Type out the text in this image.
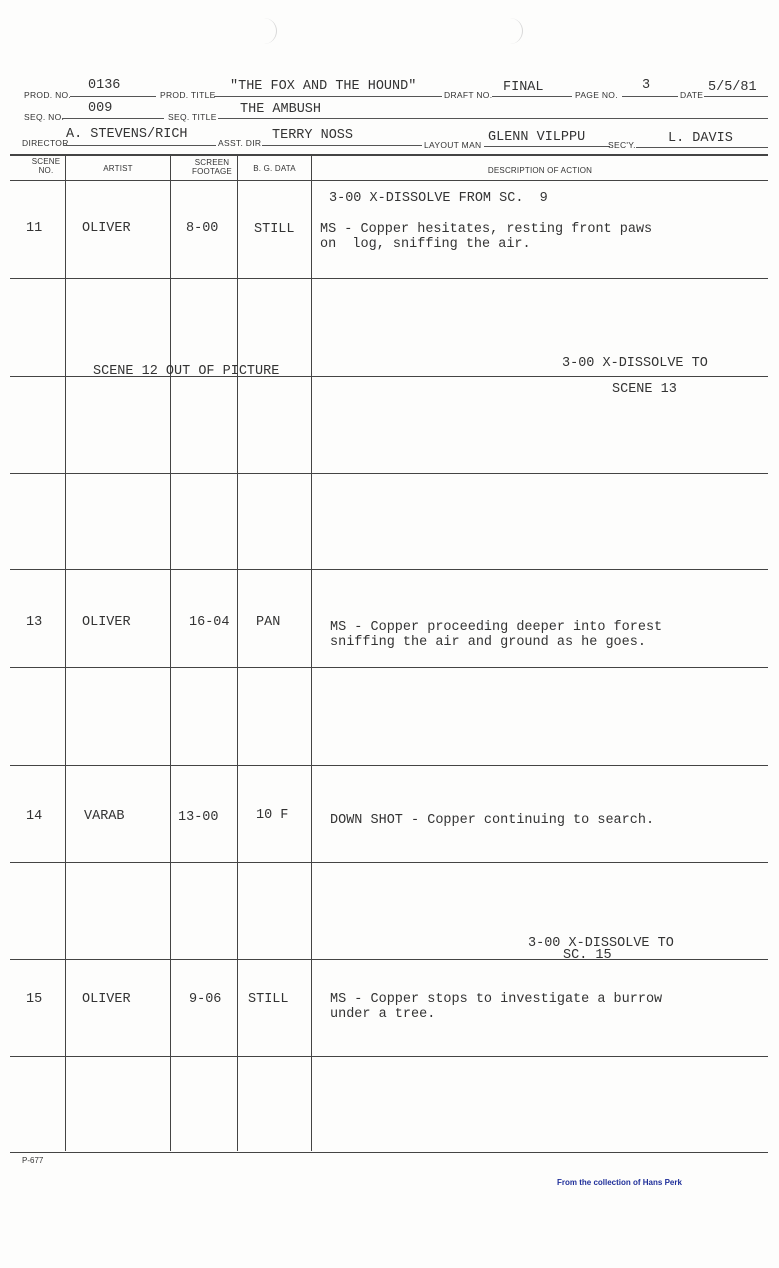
PROD. NO.
0136
PROD. TITLE
"THE FOX AND THE HOUND"
DRAFT NO. FINAL	PAGE NO.
3
DATE 5/5/81
SEQ. NO.
009
SEQ. TITLE THE AMBUSH
DIRECTOR
A. STEVENS/RICH
ASST. DIR. TERRY NOSS
LAYOUT MAN GLENN VILPPU	SEC'Y. L. DAVIS
SCENE NO.	ARTIST
SCREEN FOOTAGE	B. G. DATA	DESCRIPTION OF ACTION
3-00 X-DISSOLVE FROM SC.  9
11	OLIVER	8-00	STILL MS - Copper hesitates, resting front paws
on  log, sniffing the air.
SCENE 12 OUT OF PICTURE
3-00 X-DISSOLVE TO
SCENE 13
13	OLIVER	16-04 PAN	MS - Copper proceeding deeper into forest
sniffing the air and ground as he goes.
14	VARAB	13-00	10 F	DOWN SHOT - Copper continuing to search.
3-00 X-DISSOLVE TO
SC. 15
15	OLIVER	9-06 STILL	MS - Copper stops to investigate a burrow
under a tree.
P-677
From the collection of Hans Perk
